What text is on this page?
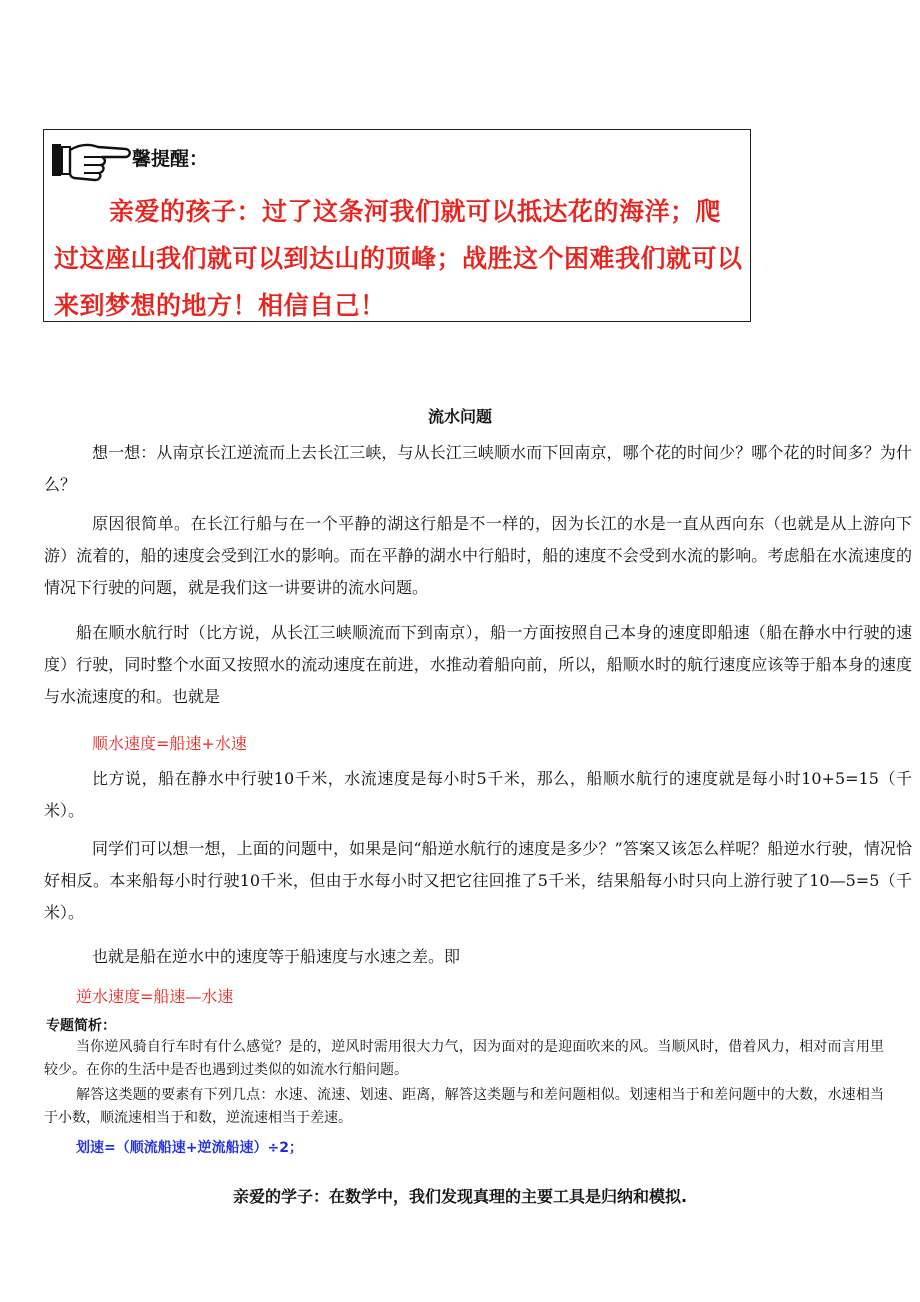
馨提醒：
亲爱的孩子：过了这条河我们就可以抵达花的海洋；爬过这座山我们就可以到达山的顶峰；战胜这个困难我们就可以来到梦想的地方！相信自己！
流水问题
想一想：从南京长江逆流而上去长江三峡，与从长江三峡顺水而下回南京，哪个花的时间少？哪个花的时间多？为什么？
原因很简单。在长江行船与在一个平静的湖这行船是不一样的，因为长江的水是一直从西向东（也就是从上游向下游）流着的，船的速度会受到江水的影响。而在平静的湖水中行船时，船的速度不会受到水流的影响。考虑船在水流速度的情况下行驶的问题，就是我们这一讲要讲的流水问题。
船在顺水航行时（比方说，从长江三峡顺流而下到南京），船一方面按照自己本身的速度即船速（船在静水中行驶的速度）行驶，同时整个水面又按照水的流动速度在前进，水推动着船向前，所以，船顺水时的航行速度应该等于船本身的速度与水流速度的和。也就是
顺水速度=船速+水速
比方说，船在静水中行驶10千米，水流速度是每小时5千米，那么，船顺水航行的速度就是每小时10+5=15（千米）。
同学们可以想一想，上面的问题中，如果是问“船逆水航行的速度是多少？”答案又该怎么样呢？船逆水行驶，情况恰好相反。本来船每小时行驶10千米，但由于水每小时又把它往回推了5千米，结果船每小时只向上游行驶了10—5=5（千米）。
也就是船在逆水中的速度等于船速度与水速之差。即
逆水速度=船速—水速
专题简析：
当你逆风骑自行车时有什么感觉？是的，逆风时需用很大力气，因为面对的是迎面吹来的风。当顺风时，借着风力，相对而言用里较少。在你的生活中是否也遇到过类似的如流水行船问题。
解答这类题的要素有下列几点：水速、流速、划速、距离，解答这类题与和差问题相似。划速相当于和差问题中的大数，水速相当于小数，顺流速相当于和数，逆流速相当于差速。
划速=（顺流船速+逆流船速）÷2；
亲爱的学子：在数学中，我们发现真理的主要工具是归纳和模拟.
